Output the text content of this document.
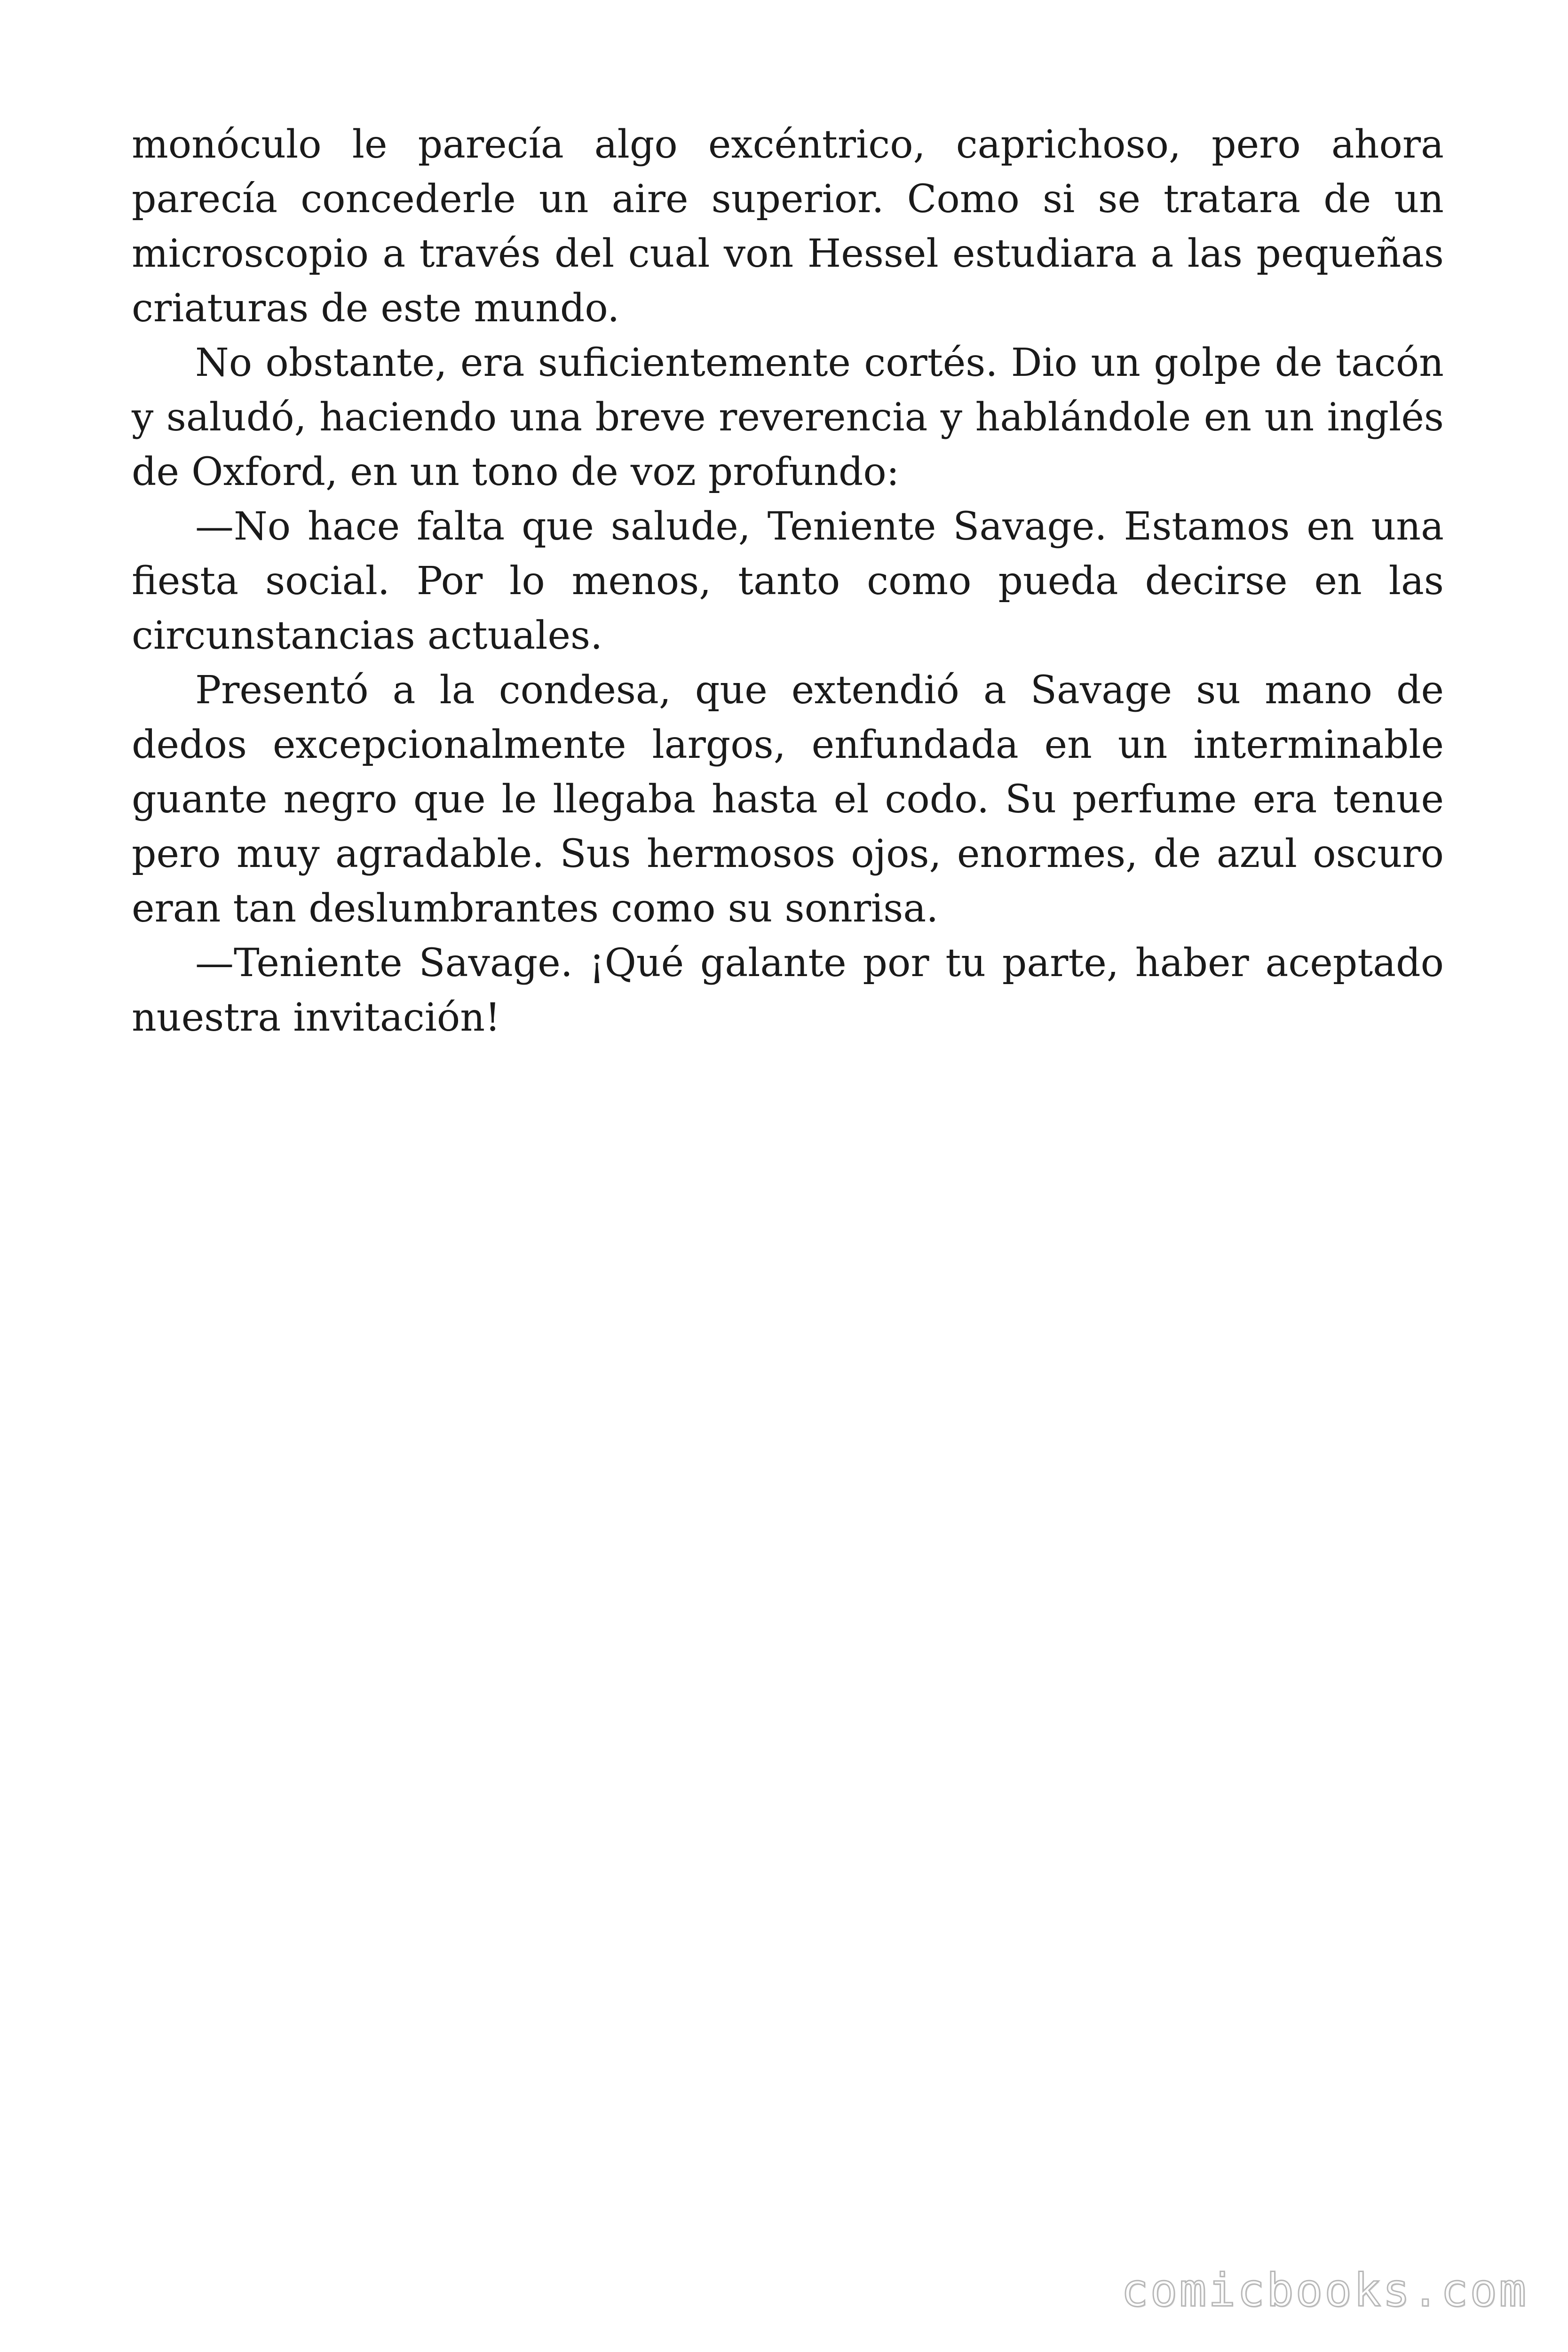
monóculo le parecía algo excéntrico, caprichoso, pero ahora parecía concederle un aire superior. Como si se tratara de un microscopio a través del cual von Hessel estudiara a las pequeñas criaturas de este mundo.

No obstante, era suficientemente cortés. Dio un golpe de tacón y saludó, haciendo una breve reverencia y hablándole en un inglés de Oxford, en un tono de voz profundo:

—No hace falta que salude, Teniente Savage. Estamos en una fiesta social. Por lo menos, tanto como pueda decirse en las circunstancias actuales.

Presentó a la condesa, que extendió a Savage su mano de dedos excepcionalmente largos, enfundada en un interminable guante negro que le llegaba hasta el codo. Su perfume era tenue pero muy agradable. Sus hermosos ojos, enormes, de azul oscuro eran tan deslumbrantes como su sonrisa.

—Teniente Savage. ¡Qué galante por tu parte, haber aceptado nuestra invitación!

comicbooks.com
